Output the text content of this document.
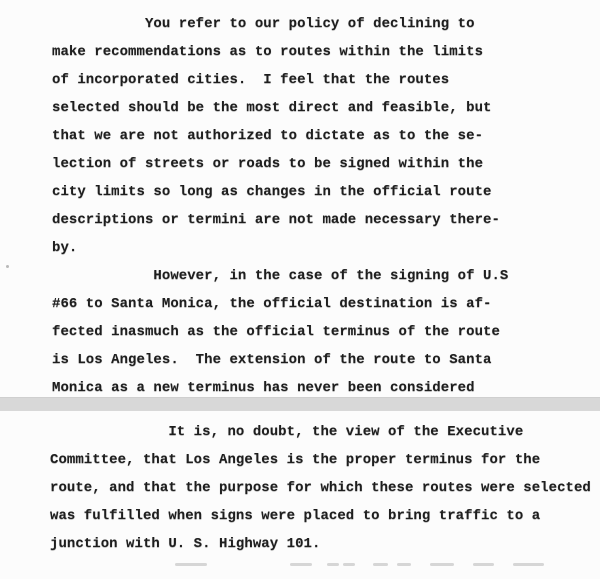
You refer to our policy of declining to
make recommendations as to routes within the limits
of incorporated cities.  I feel that the routes
selected should be the most direct and feasible, but
that we are not authorized to dictate as to the se-
lection of streets or roads to be signed within the
city limits so long as changes in the official route
descriptions or termini are not made necessary there-
by.
However, in the case of the signing of U.S
#66 to Santa Monica, the official destination is af-
fected inasmuch as the official terminus of the route
is Los Angeles.  The extension of the route to Santa
Monica as a new terminus has never been considered
It is, no doubt, the view of the Executive
Committee, that Los Angeles is the proper terminus for the
route, and that the purpose for which these routes were selected
was fulfilled when signs were placed to bring traffic to a
junction with U. S. Highway 101.
